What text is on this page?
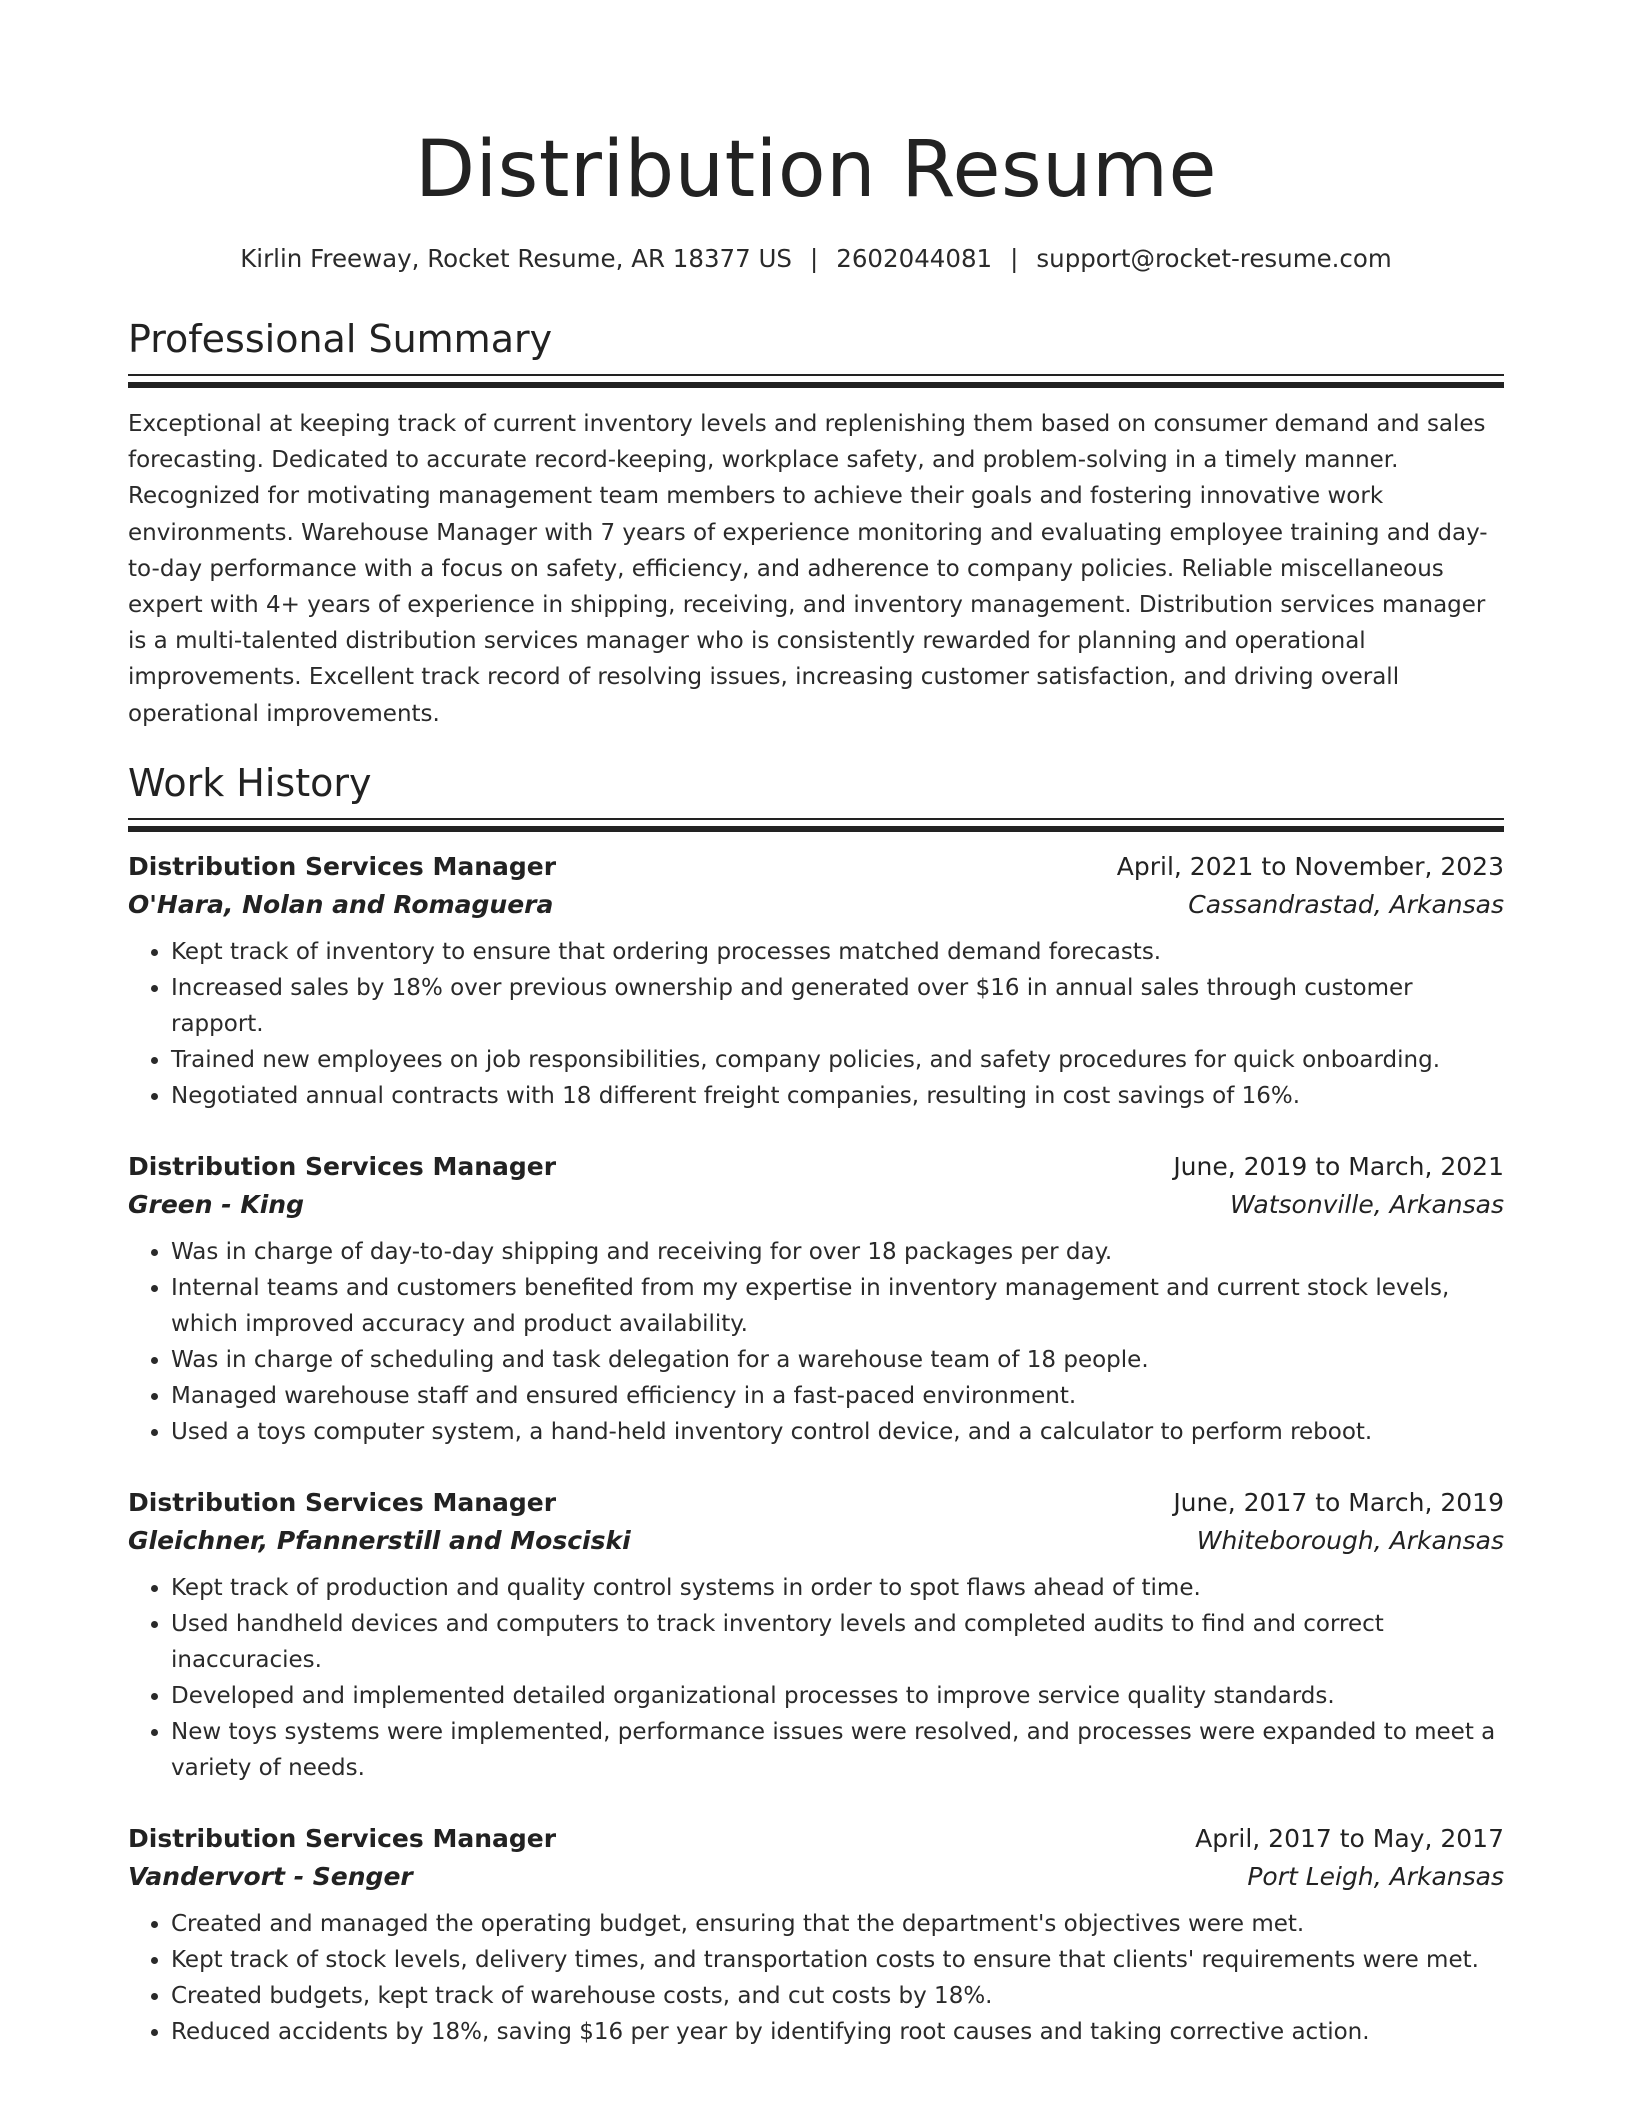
Distribution Resume
Kirlin Freeway, Rocket Resume, AR 18377 US | 2602044081 | support@rocket-resume.com
Professional Summary

Exceptional at keeping track of current inventory levels and replenishing them based on consumer demand and sales forecasting. Dedicated to accurate record-keeping, workplace safety, and problem-solving in a timely manner. Recognized for motivating management team members to achieve their goals and fostering innovative work environments. Warehouse Manager with 7 years of experience monitoring and evaluating employee training and day-to-day performance with a focus on safety, efficiency, and adherence to company policies. Reliable miscellaneous expert with 4+ years of experience in shipping, receiving, and inventory management. Distribution services manager is a multi-talented distribution services manager who is consistently rewarded for planning and operational improvements. Excellent track record of resolving issues, increasing customer satisfaction, and driving overall operational improvements.

Work History
Distribution Services Manager	April, 2021 to November, 2023
O'Hara, Nolan and Romaguera	Cassandrastad, Arkansas
• Kept track of inventory to ensure that ordering processes matched demand forecasts.
• Increased sales by 18% over previous ownership and generated over $16 in annual sales through customer rapport.
• Trained new employees on job responsibilities, company policies, and safety procedures for quick onboarding.
• Negotiated annual contracts with 18 different freight companies, resulting in cost savings of 16%.
Distribution Services Manager	June, 2019 to March, 2021
Green - King	Watsonville, Arkansas
• Was in charge of day-to-day shipping and receiving for over 18 packages per day.
• Internal teams and customers benefited from my expertise in inventory management and current stock levels, which improved accuracy and product availability.
• Was in charge of scheduling and task delegation for a warehouse team of 18 people.
• Managed warehouse staff and ensured efficiency in a fast-paced environment.
• Used a toys computer system, a hand-held inventory control device, and a calculator to perform reboot.
Distribution Services Manager	June, 2017 to March, 2019
Gleichner, Pfannerstill and Mosciski	Whiteborough, Arkansas
• Kept track of production and quality control systems in order to spot flaws ahead of time.
• Used handheld devices and computers to track inventory levels and completed audits to find and correct inaccuracies.
• Developed and implemented detailed organizational processes to improve service quality standards.
• New toys systems were implemented, performance issues were resolved, and processes were expanded to meet a variety of needs.
Distribution Services Manager	April, 2017 to May, 2017
Vandervort - Senger	Port Leigh, Arkansas
• Created and managed the operating budget, ensuring that the department's objectives were met.
• Kept track of stock levels, delivery times, and transportation costs to ensure that clients' requirements were met.
• Created budgets, kept track of warehouse costs, and cut costs by 18%.
• Reduced accidents by 18%, saving $16 per year by identifying root causes and taking corrective action.
